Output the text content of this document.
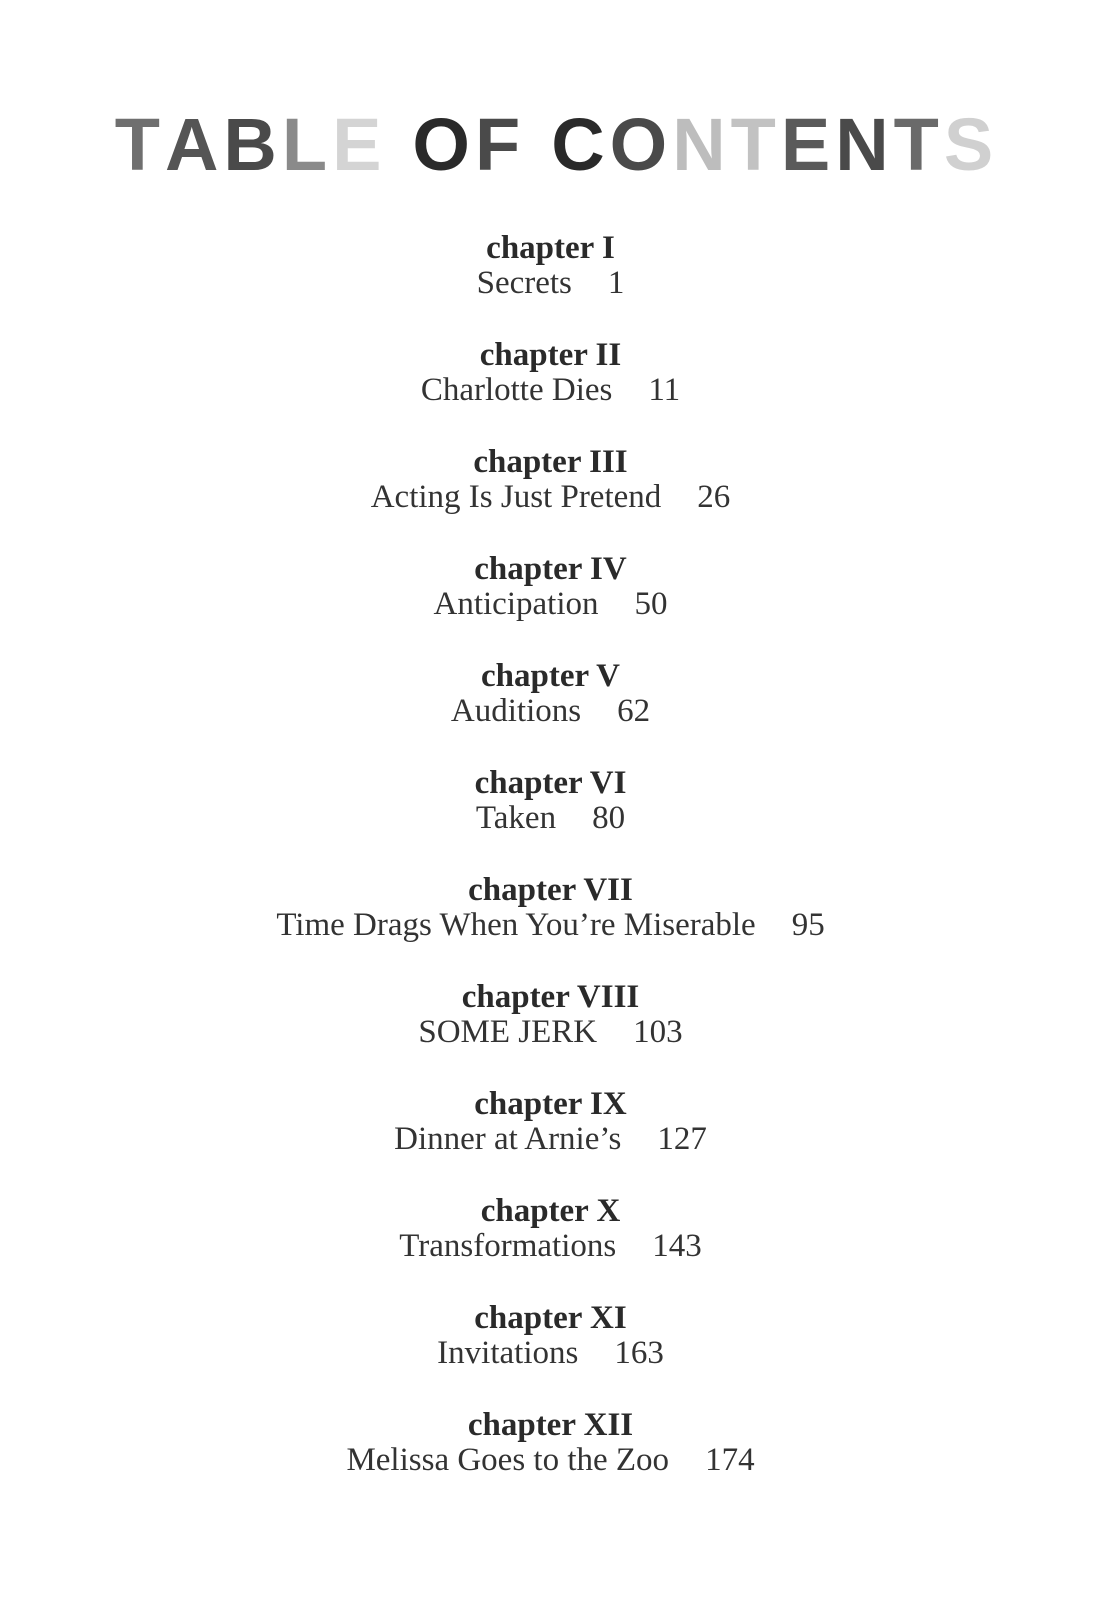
TABLE OF CONTENTS
chapter I
Secrets 1
chapter II
Charlotte Dies 11
chapter III
Acting Is Just Pretend 26
chapter IV
Anticipation 50
chapter V
Auditions 62
chapter VI
Taken 80
chapter VII
Time Drags When You’re Miserable 95
chapter VIII
SOME JERK 103
chapter IX
Dinner at Arnie’s 127
chapter X
Transformations 143
chapter XI
Invitations 163
chapter XII
Melissa Goes to the Zoo 174
